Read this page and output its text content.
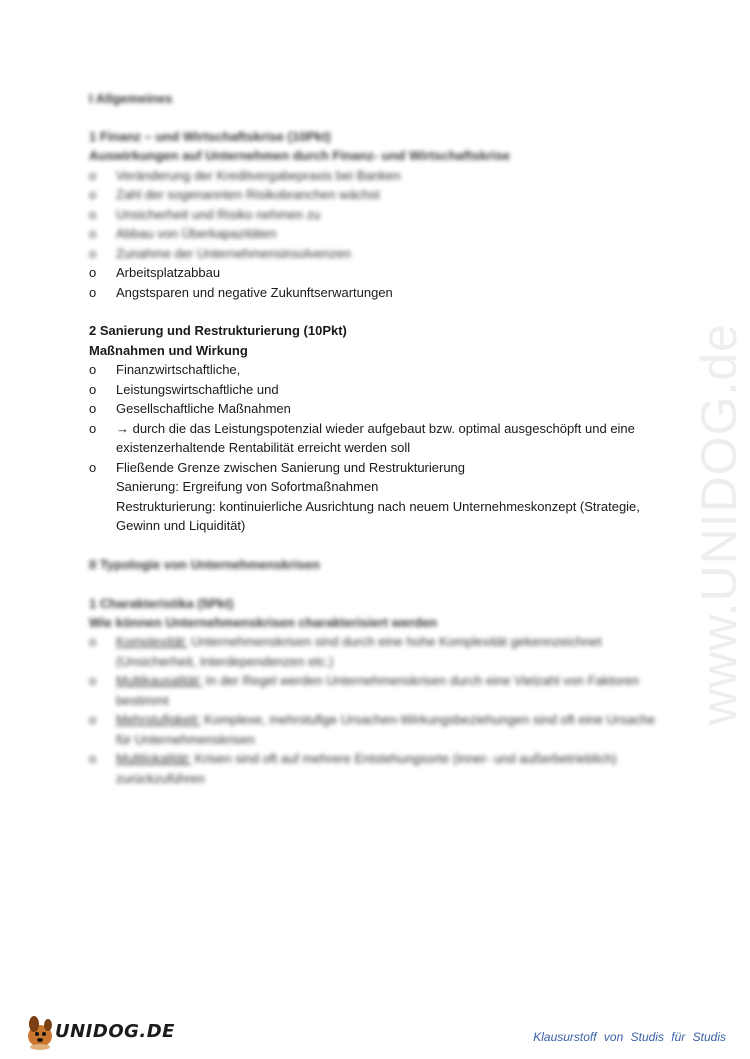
www.UNIDOG.de
I Allgemeines
1 Finanz – und Wirtschaftskrise (10Pkt)
Auswirkungen auf Unternehmen durch Finanz- und Wirtschaftskrise
o	Veränderung der Kreditvergabepraxis bei Banken
o	Zahl der sogenannten Risikobranchen wächst
o	Unsicherheit und Risiko nehmen zu
o	Abbau von Überkapazitäten
o	Zunahme der Unternehmensinsolvenzen
o	Arbeitsplatzabbau
o	Angstsparen und negative Zukunftserwartungen
2 Sanierung und Restrukturierung (10Pkt)
Maßnahmen und Wirkung
o	Finanzwirtschaftliche,
o	Leistungswirtschaftliche und
o	Gesellschaftliche Maßnahmen
o	→ durch die das Leistungspotenzial wieder aufgebaut bzw. optimal ausgeschöpft und eine
existenzerhaltende Rentabilität erreicht werden soll
o	Fließende Grenze zwischen Sanierung und Restrukturierung
Sanierung: Ergreifung von Sofortmaßnahmen
Restrukturierung: kontinuierliche Ausrichtung nach neuem Unternehmeskonzept (Strategie,
Gewinn und Liquidität)
II Typologie von Unternehmenskrisen
1 Charakteristika (5Pkt)
Wie können Unternehmenskrisen charakterisiert werden
o	Komplexität: Unternehmenskrisen sind durch eine hohe Komplexität gekennzeichnet
(Unsicherheit, Interdependenzen etc.)
o	Multikausalität: In der Regel werden Unternehmenskrisen durch eine Vielzahl von Faktoren
bestimmt
o	Mehrstufigkeit: Komplexe, mehrstufige Ursachen-Wirkungsbeziehungen sind oft eine Ursache
für Unternehmenskrisen
o	Multilokalität: Krisen sind oft auf mehrere Entstehungsorte (inner- und außerbetrieblich)
zurückzuführen
UNIDOG.DE	Klausurstoff von Studis für Studis
